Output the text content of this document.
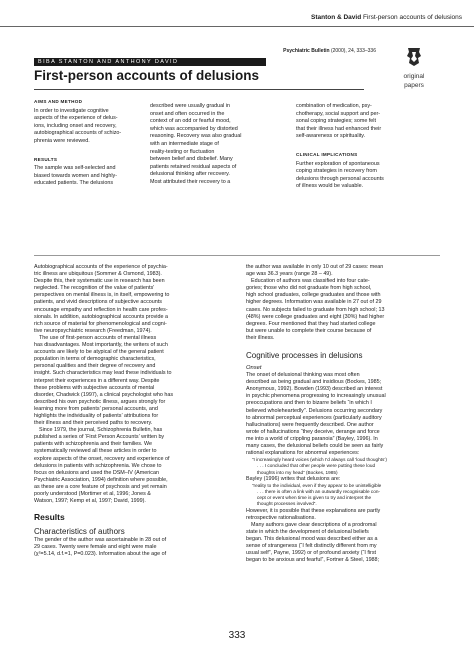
Stanton & David First-person accounts of delusions
Psychiatric Bulletin (2000), 24, 333–336
BIBA STANTON AND ANTHONY DAVID
First-person accounts of delusions	original
papers
AIMS AND METHOD

In order to investigate cognitive

aspects of the experience of delus-

ions, including onset and recovery,

autobiographical accounts of schizo-

phrenia were reviewed.

RESULTS

The sample was self-selected and

biased towards women and highly-

educated patients. The delusions

described were usually gradual in

onset and often occurred in the

context of an odd or fearful mood,

which was accompanied by distorted

reasoning. Recovery was also gradual

with an intermediate stage of

reality-testing or fluctuation

between belief and disbelief. Many

patients retained residual aspects of

delusional thinking after recovery.

Most attributed their recovery to a

combination of medication, psy-

chotherapy, social support and per-

sonal coping strategies; some felt

that their illness had enhanced their

self-awareness or spirituality.

CLINICAL IMPLICATIONS

Further exploration of spontaneous

coping strategies in recovery from

delusions through personal accounts

of illness would be valuable.

Autobiographical accounts of the experience of psychia-

tric illness are ubiquitous (Sommer & Osmond, 1983).

Despite this, their systematic use in research has been

neglected. The recognition of the value of patients’

perspectives on mental illness is, in itself, empowering to

patients, and vivid descriptions of subjective accounts

encourage empathy and reflection in health care profes-

sionals. In addition, autobiographical accounts provide a

rich source of material for phenomenological and cogni-

tive neuropsychiatric research (Freedman, 1974).

The use of first-person accounts of mental illness

has disadvantages. Most importantly, the writers of such

accounts are likely to be atypical of the general patient

population in terms of demographic characteristics,

personal qualities and their degree of recovery and

insight. Such characteristics may lead these individuals to

interpret their experiences in a different way. Despite

these problems with subjective accounts of mental

disorder, Chadwick (1997), a clinical psychologist who has

described his own psychotic illness, argues strongly for

learning more from patients’ personal accounts, and

highlights the individuality of patients’ attributions for

their illness and their perceived paths to recovery.

Since 1979, the journal, Schizophrenia Bulletin, has

published a series of ‘First Person Accounts’ written by

patients with schizophrenia and their families. We

systematically reviewed all these articles in order to

explore aspects of the onset, recovery and experience of

delusions in patients with schizophrenia. We chose to

focus on delusions and used the DSM–IV (American

Psychiatric Association, 1994) definition where possible,

as these are a core feature of psychosis and yet remain

poorly understood (Mortimer et al, 1996; Jones &

Watson, 1997; Kemp et al, 1997; David, 1999).

Results
Characteristics of authors

The gender of the author was ascertainable in 28 out of

29 cases. Twenty were female and eight were male

(χ²=5.14, d.f.=1, P=0.023). Information about the age of

the author was available in only 10 out of 29 cases: mean

age was 36.3 years (range 28 – 49).

Education of authors was classified into four cate-

gories; those who did not graduate from high school,

high school graduates, college graduates and those with

higher degrees. Information was available in 27 out of 29

cases. No subjects failed to graduate from high school; 13

(48%) were college graduates and eight (30%) had higher

degrees. Four mentioned that they had started college

but were unable to complete their course because of

their illness.

Cognitive processes in delusions
Onset

The onset of delusional thinking was most often

described as being gradual and insidious (Bockes, 1985;

Anonymous, 1992). Bowden (1993) described an interest

in psychic phenomena progressing to increasingly unusual

preoccupations and then to bizarre beliefs “in which I

believed wholeheartedly”. Delusions occurring secondary

to abnormal perceptual experiences (particularly auditory

hallucinations) were frequently described. One author

wrote of hallucinations “they deceive, derange and force

me into a world of crippling paranoia” (Bayley, 1996). In

many cases, the delusional beliefs could be seen as fairly

rational explanations for abnormal experiences:

“I increasingly heard voices (which I’d always call ‘loud thoughts’)

. . . I concluded that other people were putting these loud

thoughts into my head” (Bockes, 1985)

Bayley (1996) writes that delusions are:

“reality to the individual, even if they appear to be unintelligible

. . . there is often a link with an outwardly recognisable con-

cept or event when time is given to try and interpret the

thought processes involved”.

However, it is possible that these explanations are partly

retrospective rationalisations.

Many authors gave clear descriptions of a prodromal

state in which the development of delusional beliefs

began. This delusional mood was described either as a

sense of strangeness (“I felt distinctly different from my

usual self”, Payne, 1992) or of profound anxiety (“I first

began to be anxious and fearful”, Fortner & Steel, 1988;

333
